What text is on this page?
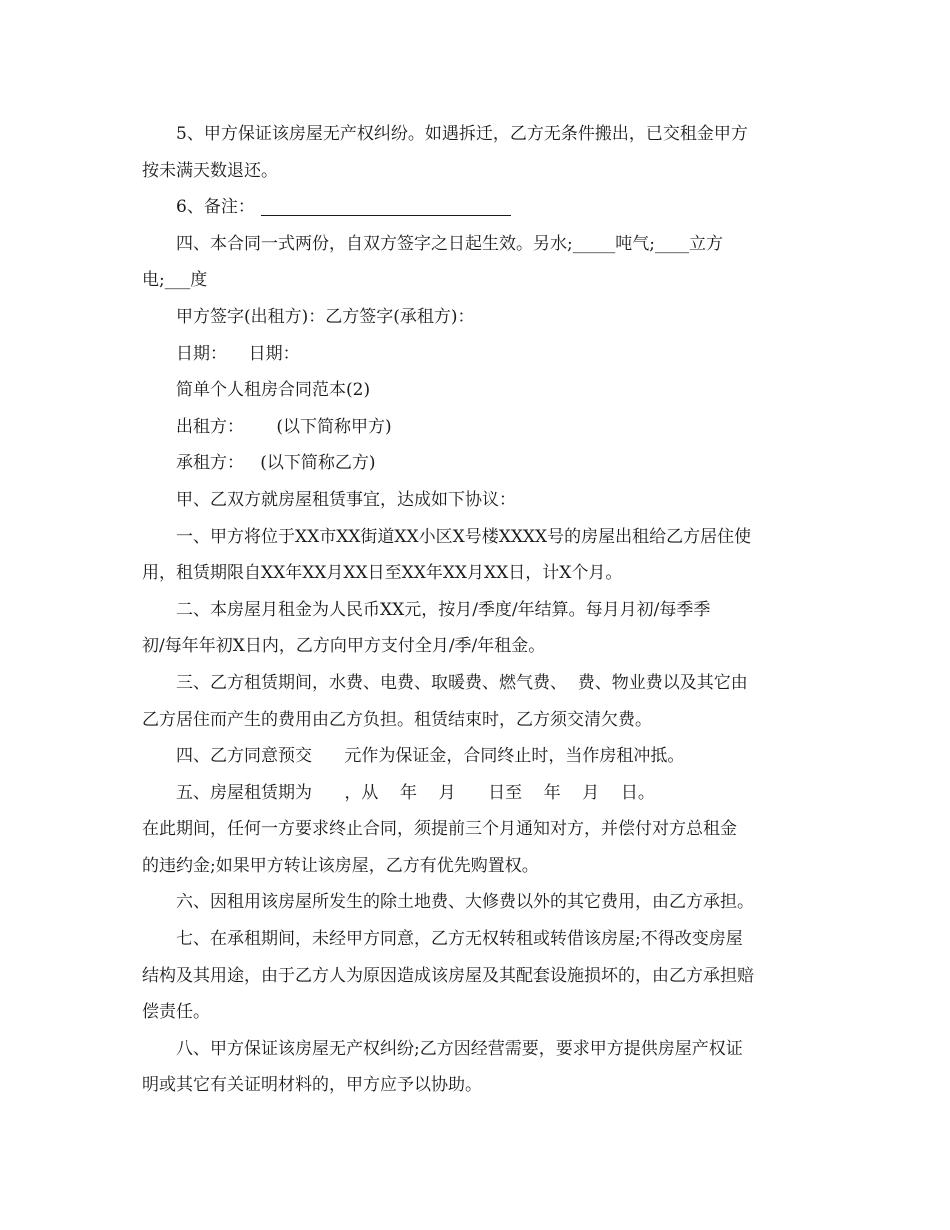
5、甲方保证该房屋无产权纠纷。如遇拆迁，乙方无条件搬出，已交租金甲方
按未满天数退还。

6、备注：

四、本合同一式两份，自双方签字之日起生效。另水;_____吨气;____立方
电;___度

甲方签字(出租方)：乙方签字(承租方)：

日期：    日期：

简单个人租房合同范本(2)

出租方：      (以下简称甲方)

承租方：   (以下简称乙方)

甲、乙双方就房屋租赁事宜，达成如下协议：

一、甲方将位于XX市XX街道XX小区X号楼XXXX号的房屋出租给乙方居住使
用，租赁期限自XX年XX月XX日至XX年XX月XX日，计X个月。

二、本房屋月租金为人民币XX元，按月/季度/年结算。每月月初/每季季
初/每年年初X日内，乙方向甲方支付全月/季/年租金。

三、乙方租赁期间，水费、电费、取暖费、燃气费、  费、物业费以及其它由
乙方居住而产生的费用由乙方负担。租赁结束时，乙方须交清欠费。

四、乙方同意预交      元作为保证金，合同终止时，当作房租冲抵。

五、房屋租赁期为      ，从    年    月      日至    年    月    日。
在此期间，任何一方要求终止合同，须提前三个月通知对方，并偿付对方总租金
的违约金;如果甲方转让该房屋，乙方有优先购置权。

六、因租用该房屋所发生的除土地费、大修费以外的其它费用，由乙方承担。

七、在承租期间，未经甲方同意，乙方无权转租或转借该房屋;不得改变房屋
结构及其用途，由于乙方人为原因造成该房屋及其配套设施损坏的，由乙方承担赔
偿责任。

八、甲方保证该房屋无产权纠纷;乙方因经营需要，要求甲方提供房屋产权证
明或其它有关证明材料的，甲方应予以协助。
